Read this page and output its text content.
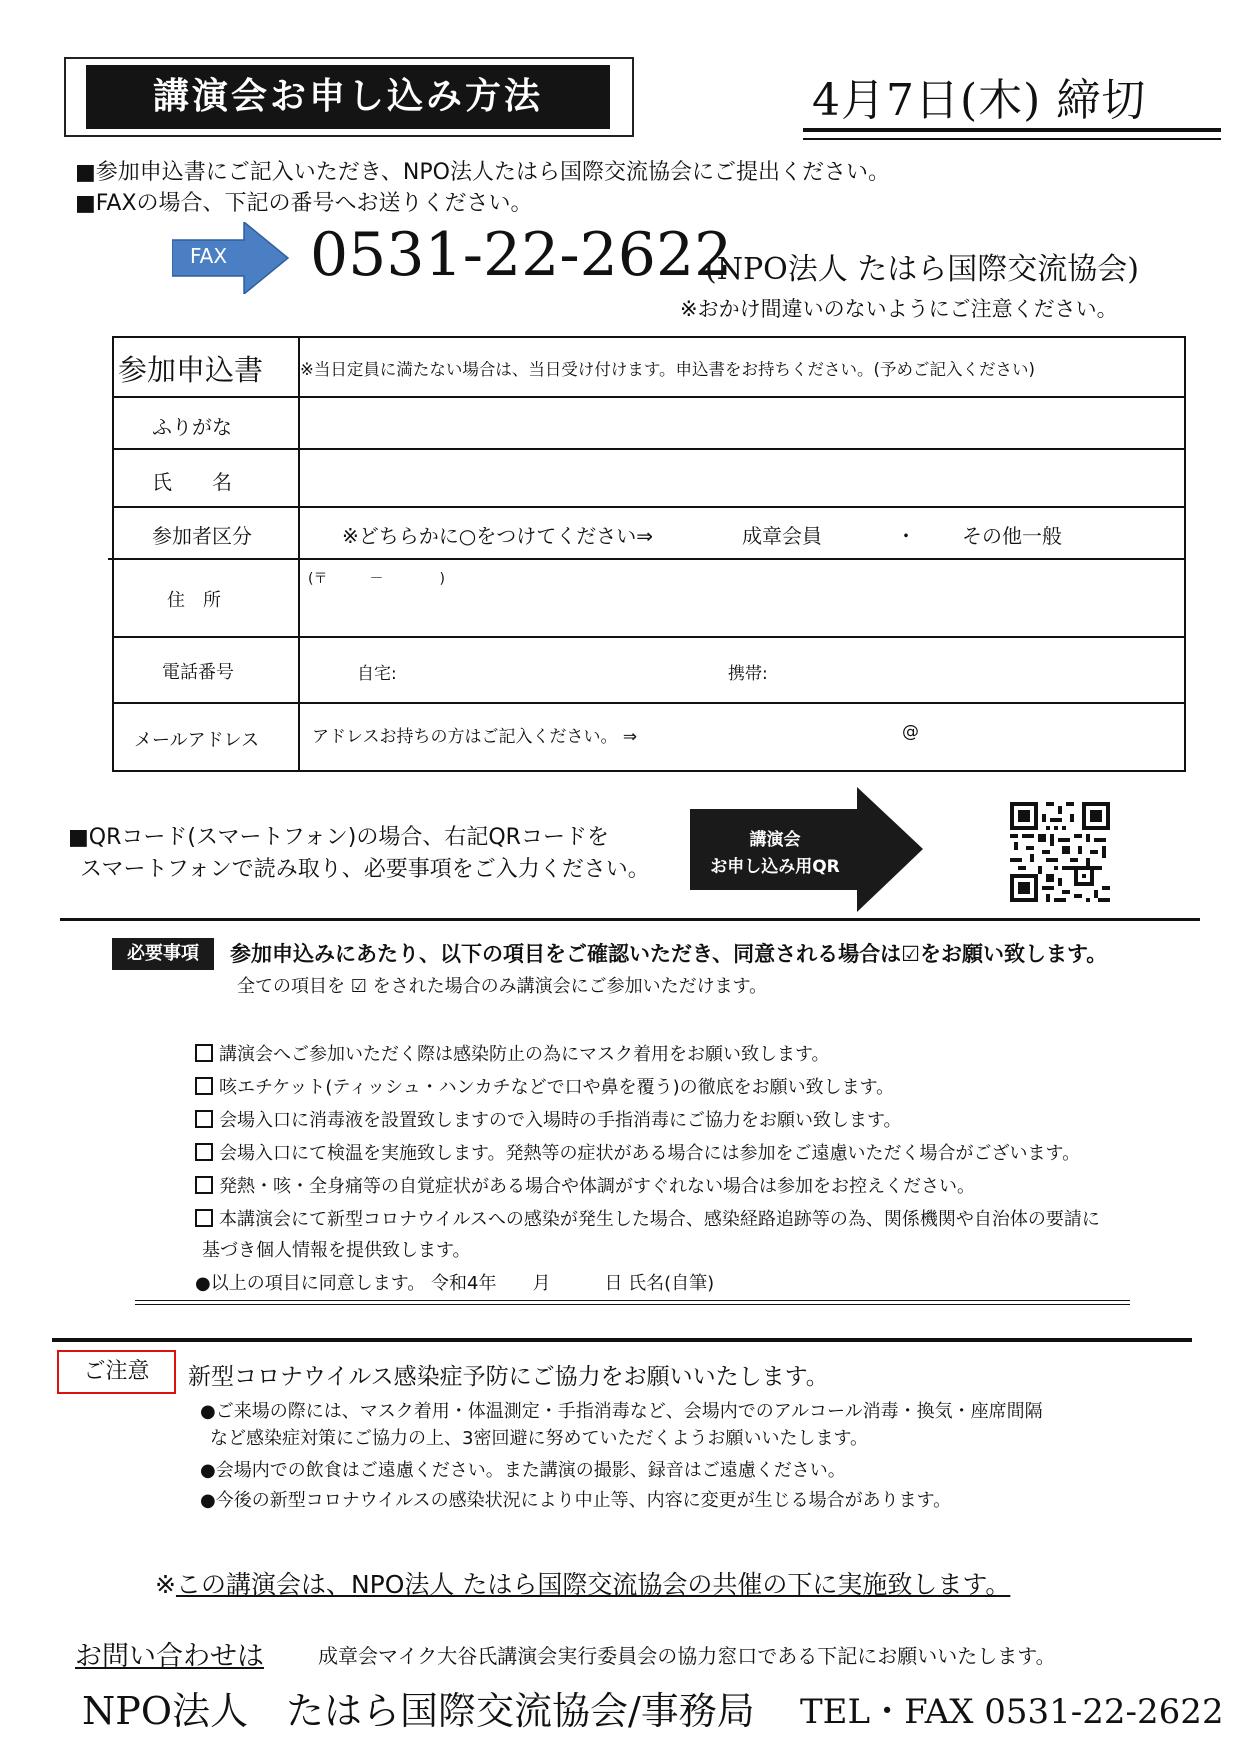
講演会お申し込み方法	4月7日(木) 締切
■参加申込書にご記入いただき、NPO法人たはら国際交流協会にご提出ください。
■FAXの場合、下記の番号へお送りください。
FAX 0531-22-2622
(NPO法人 たはら国際交流協会)
※おかけ間違いのないようにご注意ください。
参加申込書 ※当日定員に満たない場合は、当日受け付けます。申込書をお持ちください。(予めご記入ください)
ふりがな
氏　　名
参加者区分	※どちらかに○をつけてください⇒	成章会員	・ その他一般
住　所
(〒　　　－　　　　)
電話番号	自宅:	携帯:
メールアドレス	アドレスお持ちの方はご記入ください。 ⇒	@
■QRコード(スマートフォン)の場合、右記QRコードを
スマートフォンで読み取り、必要事項をご入力ください。
講演会
お申し込み用QR
必要事項	参加申込みにあたり、以下の項目をご確認いただき、同意される場合は☑をお願い致します。
全ての項目を ☑ をされた場合のみ講演会にご参加いただけます。
講演会へご参加いただく際は感染防止の為にマスク着用をお願い致します。
咳エチケット(ティッシュ・ハンカチなどで口や鼻を覆う)の徹底をお願い致します。
会場入口に消毒液を設置致しますので入場時の手指消毒にご協力をお願い致します。
会場入口にて検温を実施致します。発熱等の症状がある場合には参加をご遠慮いただく場合がございます。
発熱・咳・全身痛等の自覚症状がある場合や体調がすぐれない場合は参加をお控えください。
本講演会にて新型コロナウイルスへの感染が発生した場合、感染経路追跡等の為、関係機関や自治体の要請に
基づき個人情報を提供致します。
●以上の項目に同意します。 令和4年　　月　　　日 氏名(自筆)
ご注意	新型コロナウイルス感染症予防にご協力をお願いいたします。
●ご来場の際には、マスク着用・体温測定・手指消毒など、会場内でのアルコール消毒・換気・座席間隔
など感染症対策にご協力の上、3密回避に努めていただくようお願いいたします。
●会場内での飲食はご遠慮ください。また講演の撮影、録音はご遠慮ください。
●今後の新型コロナウイルスの感染状況により中止等、内容に変更が生じる場合があります。
※この講演会は、NPO法人 たはら国際交流協会の共催の下に実施致します。
お問い合わせは	成章会マイク大谷氏講演会実行委員会の協力窓口である下記にお願いいたします。
NPO法人　たはら国際交流協会/事務局 TEL・FAX 0531-22-2622
